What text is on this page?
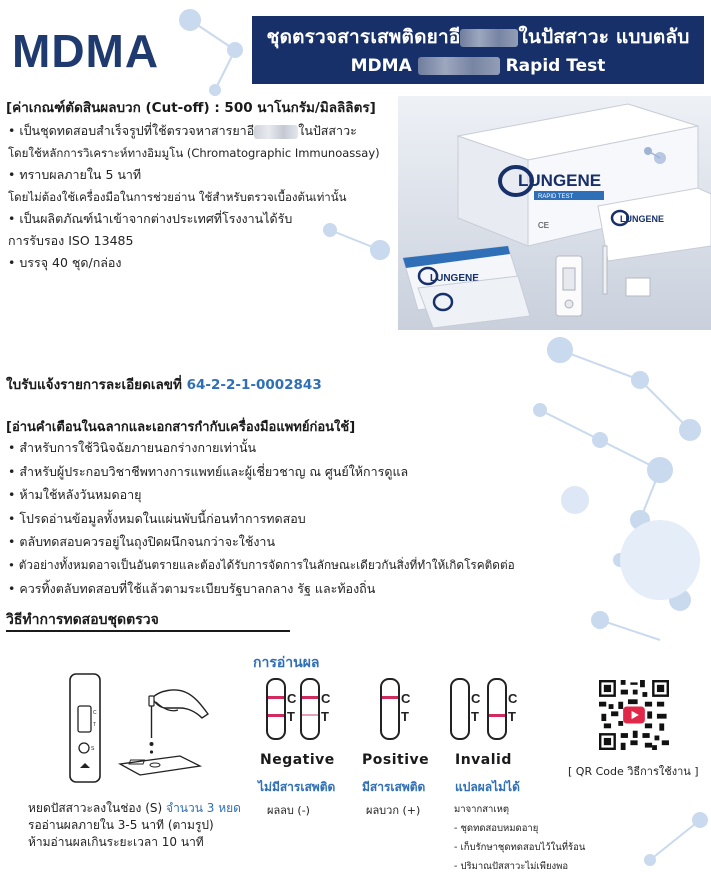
MDMA	ชุดตรวจสารเสพติดยาอี	ในปัสสาวะ แบบตลับ
MDMA	Rapid Test
[ค่าเกณฑ์ตัดสินผลบวก (Cut-off) : 500 นาโนกรัม/มิลลิลิตร]

• เป็นชุดทดสอบสำเร็จรูปที่ใช้ตรวจหาสารยาอี	ในปัสสาวะ

โดยใช้หลักการวิเคราะห์ทางอิมมูโน (Chromatographic Immunoassay)

• ทราบผลภายใน 5 นาที

โดยไม่ต้องใช้เครื่องมือในการช่วยอ่าน ใช้สำหรับตรวจเบื้องต้นเท่านั้น

• เป็นผลิตภัณฑ์นำเข้าจากต่างประเทศที่โรงงานได้รับ

การรับรอง ISO 13485

• บรรจุ 40 ชุด/กล่อง

LUNGENE
RAPID TEST
CE
LUNGENE
LUNGENE
ใบรับแจ้งรายการละเอียดเลขที่ 64-2-2-1-0002843
[อ่านคำเตือนในฉลากและเอกสารกำกับเครื่องมือแพทย์ก่อนใช้]

• สำหรับการใช้วินิจฉัยภายนอกร่างกายเท่านั้น

• สำหรับผู้ประกอบวิชาชีพทางการแพทย์และผู้เชี่ยวชาญ ณ ศูนย์ให้การดูแล

• ห้ามใช้หลังวันหมดอายุ

• โปรดอ่านข้อมูลทั้งหมดในแผ่นพับนี้ก่อนทำการทดสอบ

• ตลับทดสอบควรอยู่ในถุงปิดผนึกจนกว่าจะใช้งาน

• ตัวอย่างทั้งหมดอาจเป็นอันตรายและต้องได้รับการจัดการในลักษณะเดียวกันสิ่งที่ทำให้เกิดโรคติดต่อ

• ควรทิ้งตลับทดสอบที่ใช้แล้วตามระเบียบรัฐบาลกลาง รัฐ และท้องถิ่น

วิธีทำการทดสอบชุดตรวจ
C
T
S

หยดปัสสาวะลงในช่อง (S) จำนวน 3 หยด

รออ่านผลภายใน 3-5 นาที (ตามรูป)

ห้ามอ่านผลเกินระยะเวลา 10 นาที

การอ่านผล
C
T
C
T
C
T
C
T
C
T
Negative Positive Invalid
ไม่มีสารเสพติด มีสารเสพติด แปลผลไม่ได้
ผลลบ (-)	ผลบวก (+)	มาจากสาเหตุ

- ชุดทดสอบหมดอายุ

- เก็บรักษาชุดทดสอบไว้ในที่ร้อน

- ปริมาณปัสสาวะไม่เพียงพอ

[ QR Code วิธีการใช้งาน ]
